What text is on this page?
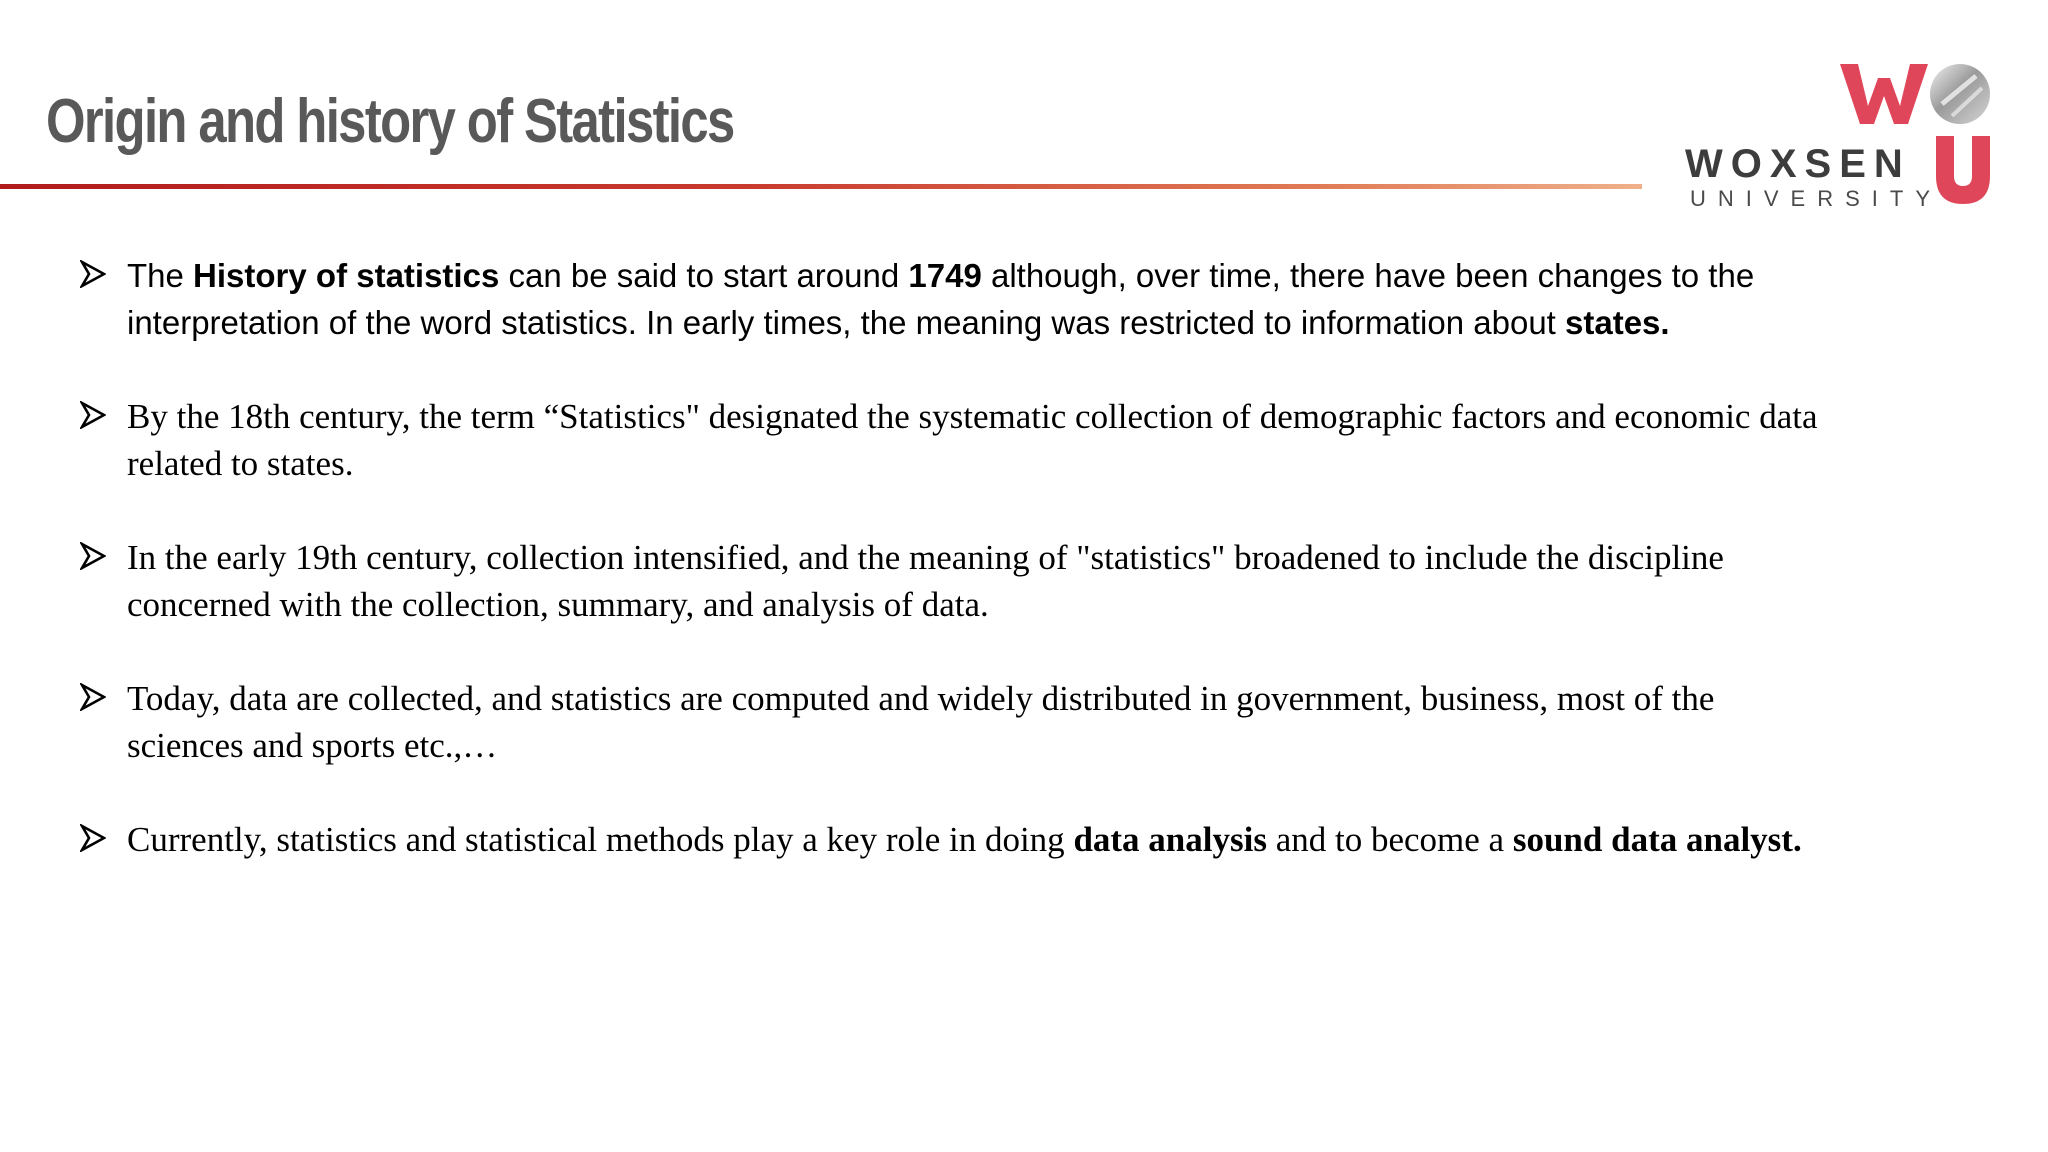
Origin and history of Statistics
WOXSEN
UNIVERSITY
The History of statistics can be said to start around 1749 although, over time, there have been changes to the interpretation of the word statistics. In early times, the meaning was restricted to information about states.
By the 18th century, the term “Statistics" designated the systematic collection of demographic factors and economic data related to states.
In the early 19th century, collection intensified, and the meaning of "statistics" broadened to include the discipline concerned with the collection, summary, and analysis of data.
Today, data are collected, and statistics are computed and widely distributed in government, business, most of the sciences and sports etc.,…
Currently, statistics and statistical methods play a key role in doing data analysis and to become a sound data analyst.
